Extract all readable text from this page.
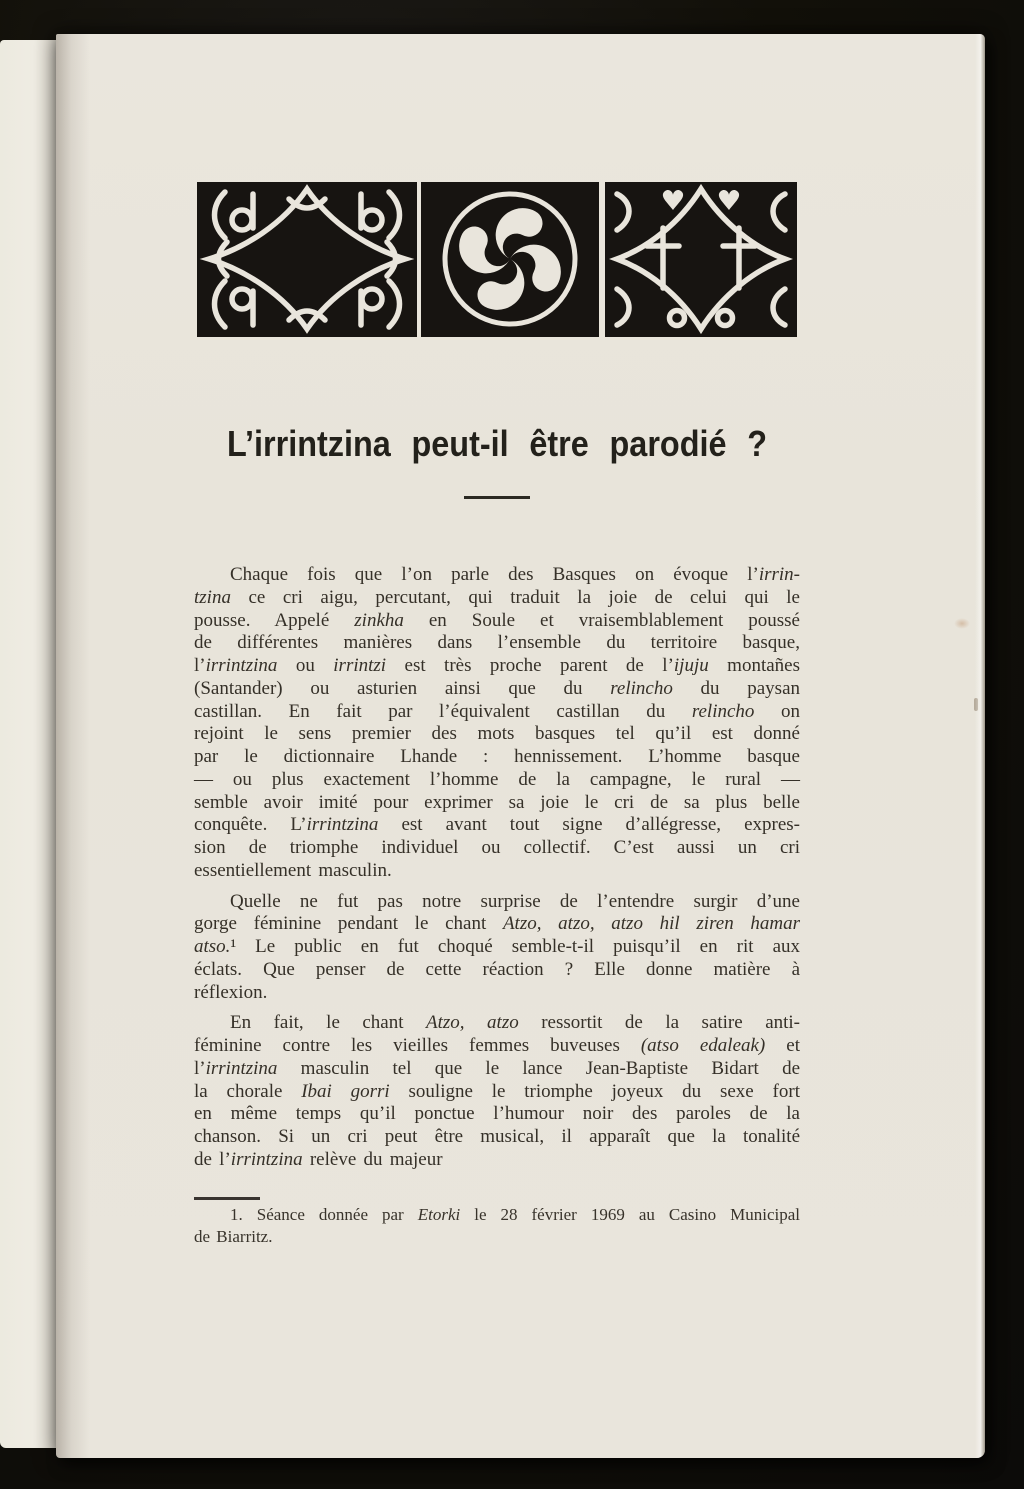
L’irrintzina peut-il être parodié ?
Chaque fois que l’on parle des Basques on évoque l’irrin-
tzina ce cri aigu, percutant, qui traduit la joie de celui qui le
pousse. Appelé zinkha en Soule et vraisemblablement poussé
de différentes manières dans l’ensemble du territoire basque,
l’irrintzina ou irrintzi est très proche parent de l’ijuju montañes
(Santander) ou asturien ainsi que du relincho du paysan
castillan. En fait par l’équivalent castillan du relincho on
rejoint le sens premier des mots basques tel qu’il est donné
par le dictionnaire Lhande : hennissement. L’homme basque
— ou plus exactement l’homme de la campagne, le rural —
semble avoir imité pour exprimer sa joie le cri de sa plus belle
conquête. L’irrintzina est avant tout signe d’allégresse, expres-
sion de triomphe individuel ou collectif. C’est aussi un cri
essentiellement masculin.
Quelle ne fut pas notre surprise de l’entendre surgir d’une
gorge féminine pendant le chant Atzo, atzo, atzo hil ziren hamar
atso.¹ Le public en fut choqué semble-t-il puisqu’il en rit aux
éclats. Que penser de cette réaction ? Elle donne matière à
réflexion.
En fait, le chant Atzo, atzo ressortit de la satire anti-
féminine contre les vieilles femmes buveuses (atso edaleak) et
l’irrintzina masculin tel que le lance Jean-Baptiste Bidart de
la chorale Ibai gorri souligne le triomphe joyeux du sexe fort
en même temps qu’il ponctue l’humour noir des paroles de la
chanson. Si un cri peut être musical, il apparaît que la tonalité
de l’irrintzina relève du majeur
1. Séance donnée par Etorki le 28 février 1969 au Casino Municipal
de Biarritz.
